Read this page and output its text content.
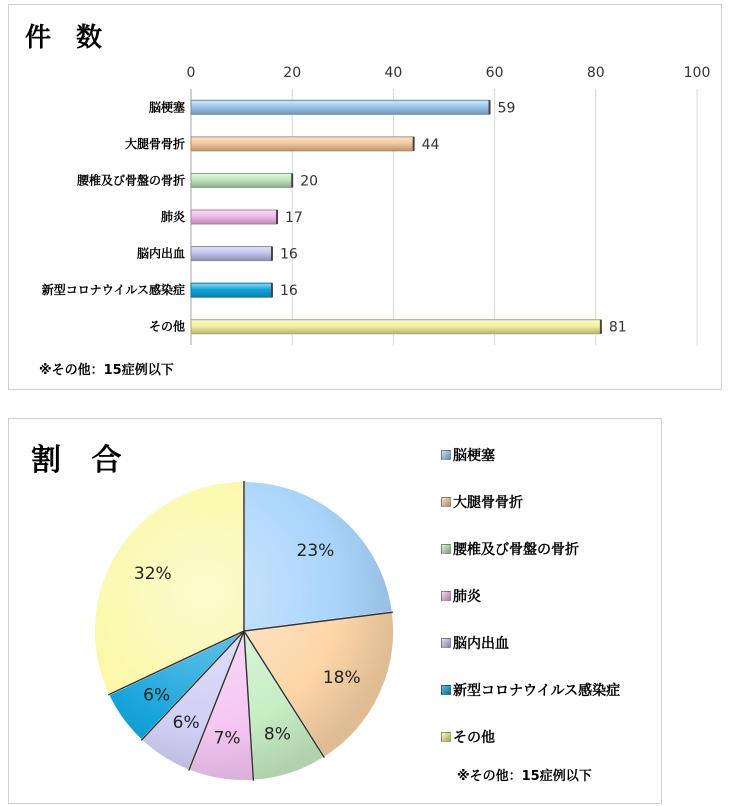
件 数
0	20	40	60	80	100
脳梗塞	59
大腿骨骨折	44
腰椎及び骨盤の骨折	20
肺炎	17
脳内出血	16
新型コロナウイルス感染症	16
その他	81
※その他：15症例以下
割 合
23%
18%
8%
7%
6%
6%
32%
脳梗塞
大腿骨骨折
腰椎及び骨盤の骨折
肺炎
脳内出血
新型コロナウイルス感染症
その他
※その他：15症例以下
